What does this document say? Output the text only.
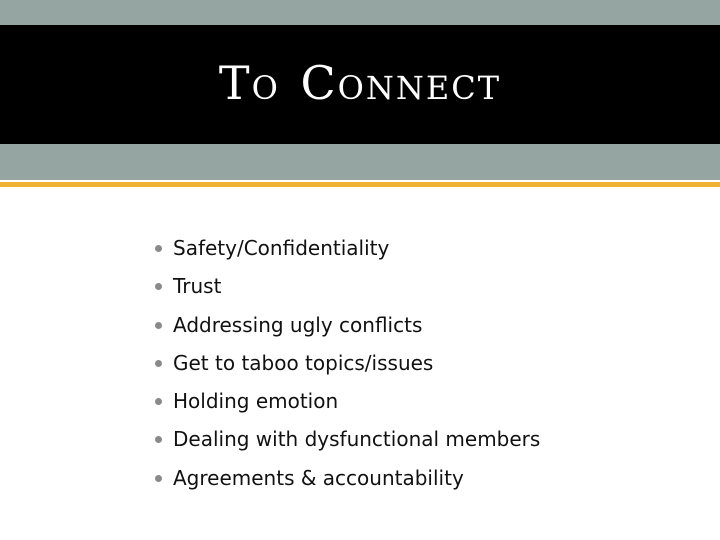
To Connect
Safety/Confidentiality
Trust
Addressing ugly conflicts
Get to taboo topics/issues
Holding emotion
Dealing with dysfunctional members
Agreements & accountability
